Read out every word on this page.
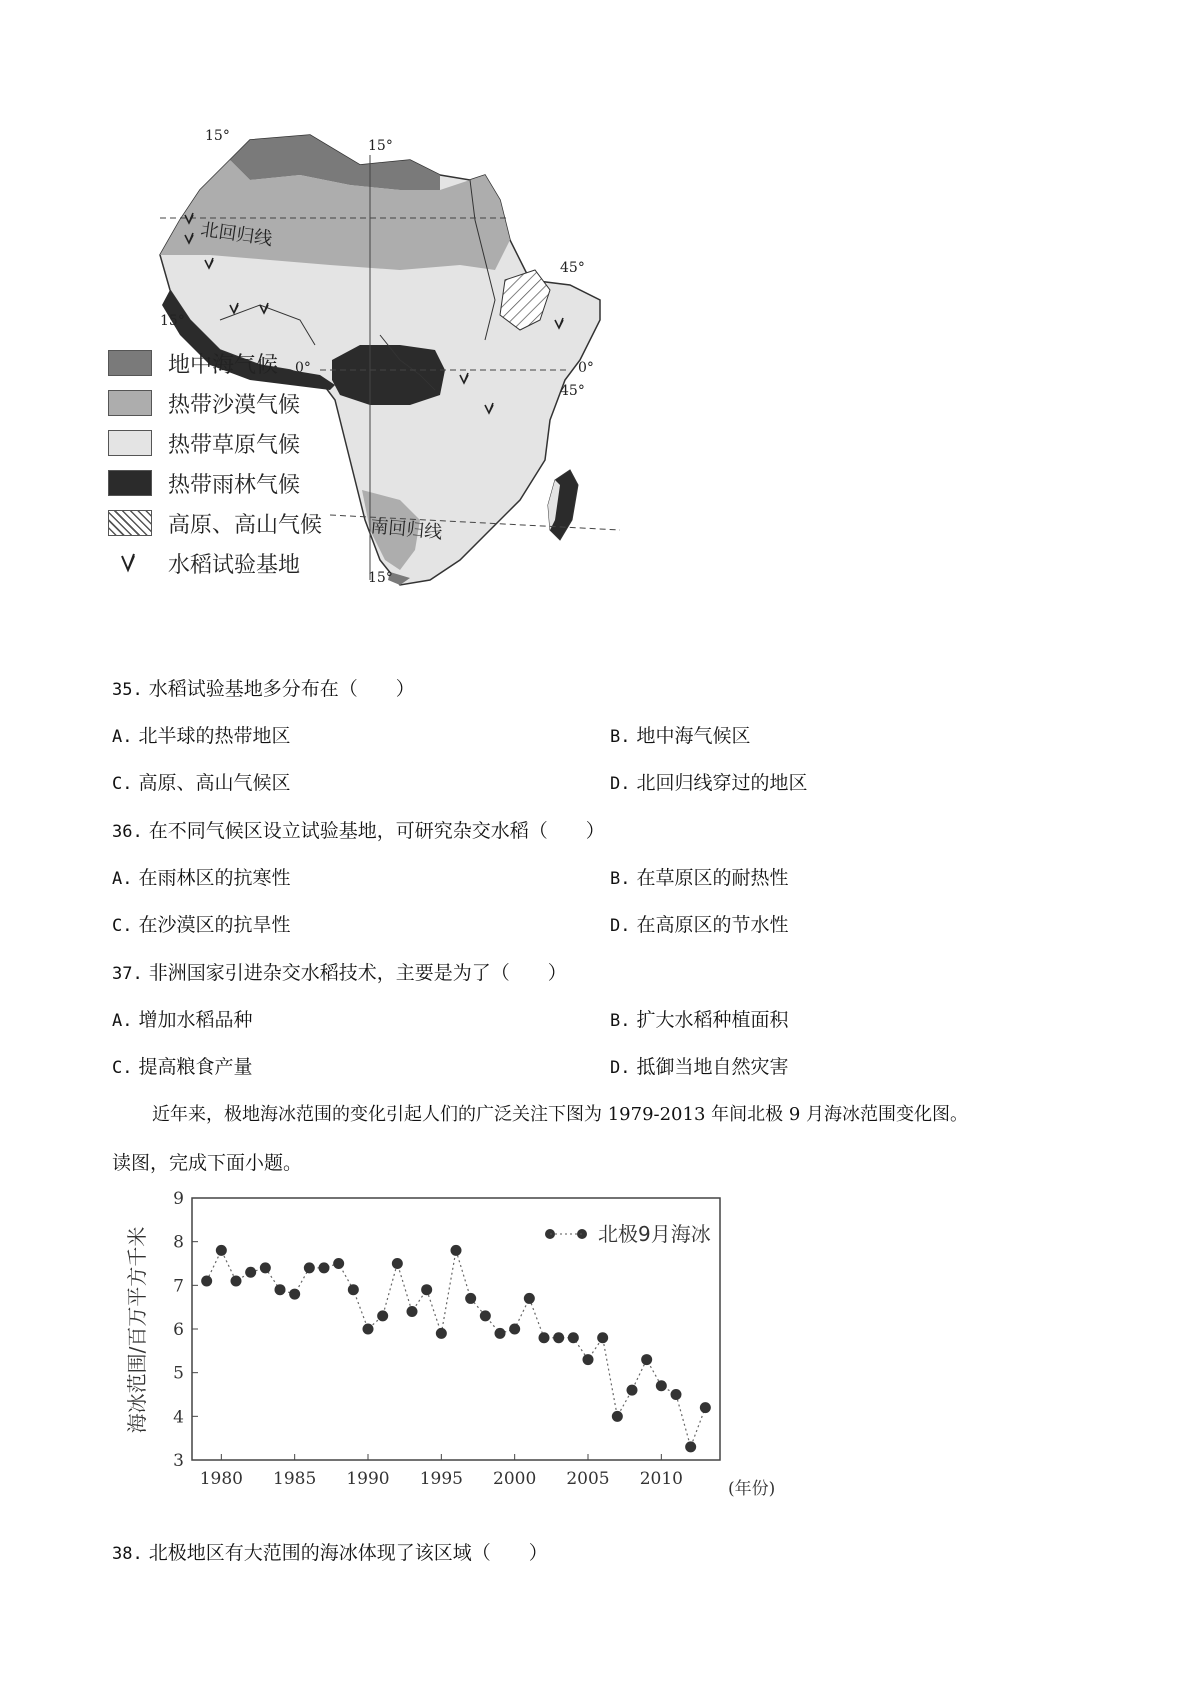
15°
15°
15°
0°	0°
45°
45°
15°
北回归线
南回归线
地中海气候
热带沙漠气候
热带草原气候
热带雨林气候
高原、高山气候
水稻试验基地
35. 水稻试验基地多分布在（　　）
A. 北半球的热带地区	B. 地中海气候区
C. 高原、高山气候区	D. 北回归线穿过的地区
36. 在不同气候区设立试验基地，可研究杂交水稻（　　）
A. 在雨林区的抗寒性	B. 在草原区的耐热性
C. 在沙漠区的抗旱性	D. 在高原区的节水性
37. 非洲国家引进杂交水稻技术，主要是为了（　　）
A. 增加水稻品种	B. 扩大水稻种植面积
C. 提高粮食产量	D. 抵御当地自然灾害
近年来，极地海冰范围的变化引起人们的广泛关注下图为 1979-2013 年间北极 9 月海冰范围变化图。
读图，完成下面小题。
海冰范围/百万平方千米	北极9月海冰
(年份)
3
4
5
6
7
8
9
1980 1985 1990 1995 2000 2005 2010
38. 北极地区有大范围的海冰体现了该区域（　　）
